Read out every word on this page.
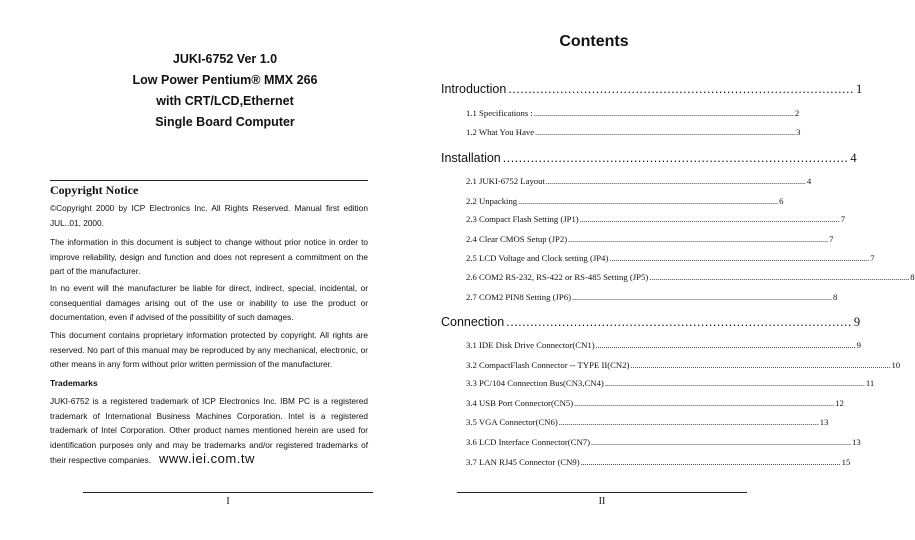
JUKI-6752 Ver 1.0
Low Power Pentium® MMX 266
with CRT/LCD,Ethernet
Single Board Computer
Copyright Notice
©Copyright 2000 by ICP Electronics Inc. All Rights Reserved. Manual first edition JUL..01, 2000.
The information in this document is subject to change without prior notice in order to improve reliability, design and function and does not represent a commitment on the part of the manufacturer.
In no event will the manufacturer be liable for direct, indirect, special, incidental, or consequential damages arising out of the use or inability to use the product or documentation, even if advised of the possibility of such damages.
This document contains proprietary information protected by copyright. All rights are reserved. No part of this manual may be reproduced by any mechanical, electronic, or other means in any form without prior written permission of the manufacturer.
Trademarks
JUKI-6752 is a registered trademark of ICP Electronics Inc. IBM PC is a registered trademark of International Business Machines Corporation. Intel is a registered trademark of Intel Corporation. Other product names mentioned herein are used for identification purposes only and may be trademarks and/or registered trademarks of their respective companies. www.iei.com.tw
I
Contents
Introduction ....................................................................................... 1
1.1 Specifications : .................................................................................................................................. 2
1.2 What You Have .................................................................................................................................. 3
Installation ....................................................................................... 4
2.1 JUKI-6752 Layout .................................................................................................................................. 4
2.2 Unpacking .................................................................................................................................. 6
2.3 Compact Flash Setting (JP1) .................................................................................................................................. 7
2.4 Clear CMOS Setup (JP2) .................................................................................................................................. 7
2.5 LCD Voltage and Clock setting (JP4) .................................................................................................................................. 7
2.6 COM2 RS-232, RS-422 or RS-485 Setting (JP5) .................................................................................................................................. 8
2.7 COM2 PIN8 Setting (JP6) .................................................................................................................................. 8
Connection ....................................................................................... 9
3.1 IDE Disk Drive Connector(CN1) .................................................................................................................................. 9
3.2 CompactFlash Connector -- TYPE II(CN2) .................................................................................................................................. 10
3.3 PC/104 Connection Bus(CN3,CN4) .................................................................................................................................. 11
3.4 USB Port Connector(CN5) .................................................................................................................................. 12
3.5 VGA Connector(CN6) .................................................................................................................................. 13
3.6 LCD Interface Connector(CN7) .................................................................................................................................. 13
3.7 LAN RJ45 Connector (CN9) .................................................................................................................................. 15
II
